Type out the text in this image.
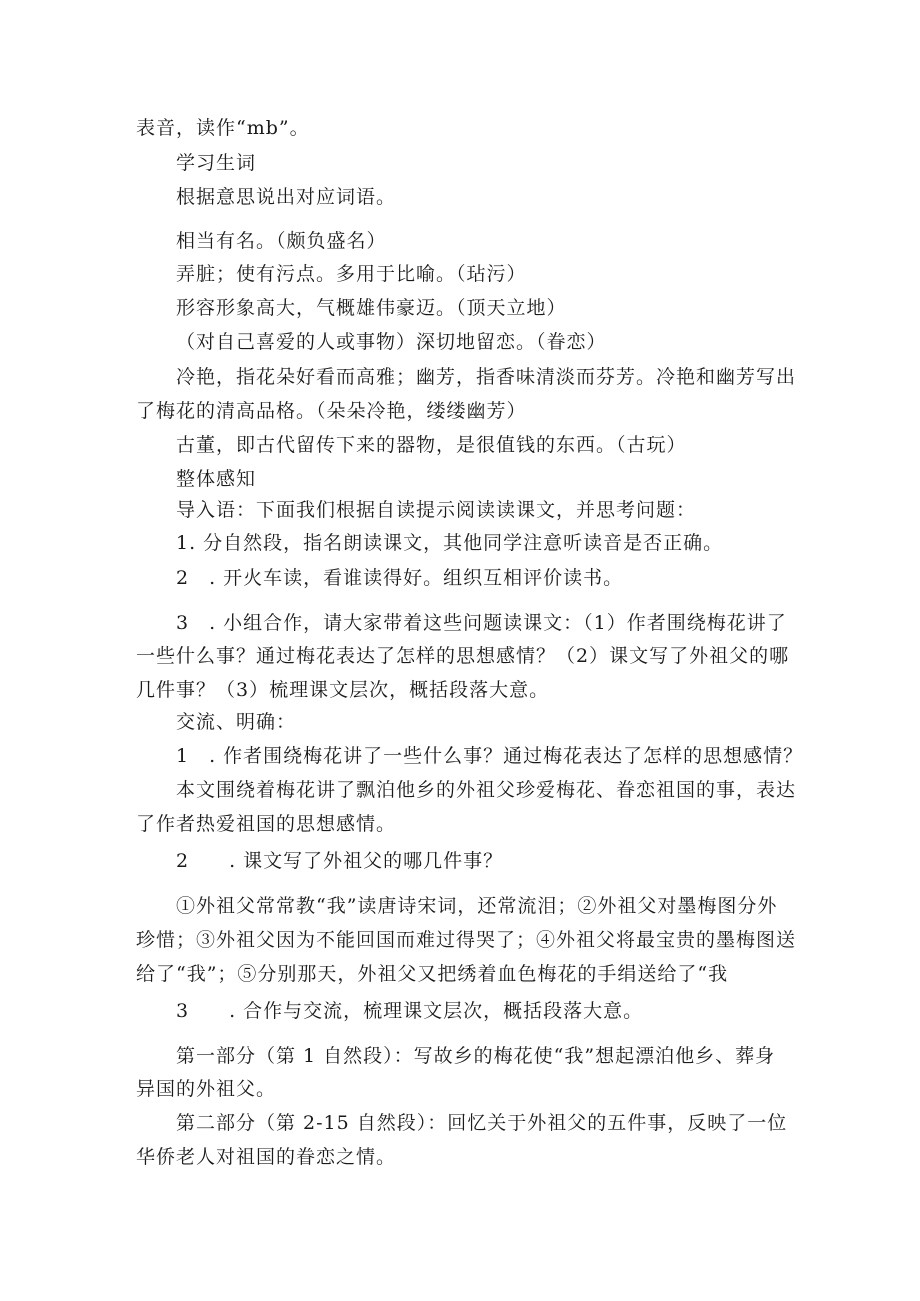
表音，读作“mb”。
学习生词
根据意思说出对应词语。
相当有名。（颇负盛名）
弄脏；使有污点。多用于比喻。（玷污）
形容形象高大，气概雄伟豪迈。（顶天立地）
（对自己喜爱的人或事物）深切地留恋。（眷恋）
冷艳，指花朵好看而高雅；幽芳，指香味清淡而芬芳。冷艳和幽芳写出
了梅花的清高品格。（朵朵冷艳，缕缕幽芳）
古董，即古代留传下来的器物，是很值钱的东西。（古玩）
整体感知
导入语：下面我们根据自读提示阅读读课文，并思考问题：
1. 分自然段，指名朗读课文，其他同学注意听读音是否正确。
2　. 开火车读，看谁读得好。组织互相评价读书。
3　. 小组合作，请大家带着这些问题读课文：（1）作者围绕梅花讲了
一些什么事？通过梅花表达了怎样的思想感情？（2）课文写了外祖父的哪
几件事？（3）梳理课文层次，概括段落大意。
交流、明确：
1　. 作者围绕梅花讲了一些什么事？通过梅花表达了怎样的思想感情？
本文围绕着梅花讲了飘泊他乡的外祖父珍爱梅花、眷恋祖国的事，表达
了作者热爱祖国的思想感情。
2　　. 课文写了外祖父的哪几件事？
①外祖父常常教“我”读唐诗宋词，还常流泪；②外祖父对墨梅图分外
珍惜；③外祖父因为不能回国而难过得哭了；④外祖父将最宝贵的墨梅图送
给了“我”；⑤分别那天，外祖父又把绣着血色梅花的手绢送给了“我
3　　. 合作与交流，梳理课文层次，概括段落大意。
第一部分（第 1 自然段）：写故乡的梅花使“我”想起漂泊他乡、葬身
异国的外祖父。
第二部分（第 2-15 自然段）：回忆关于外祖父的五件事，反映了一位
华侨老人对祖国的眷恋之情。
